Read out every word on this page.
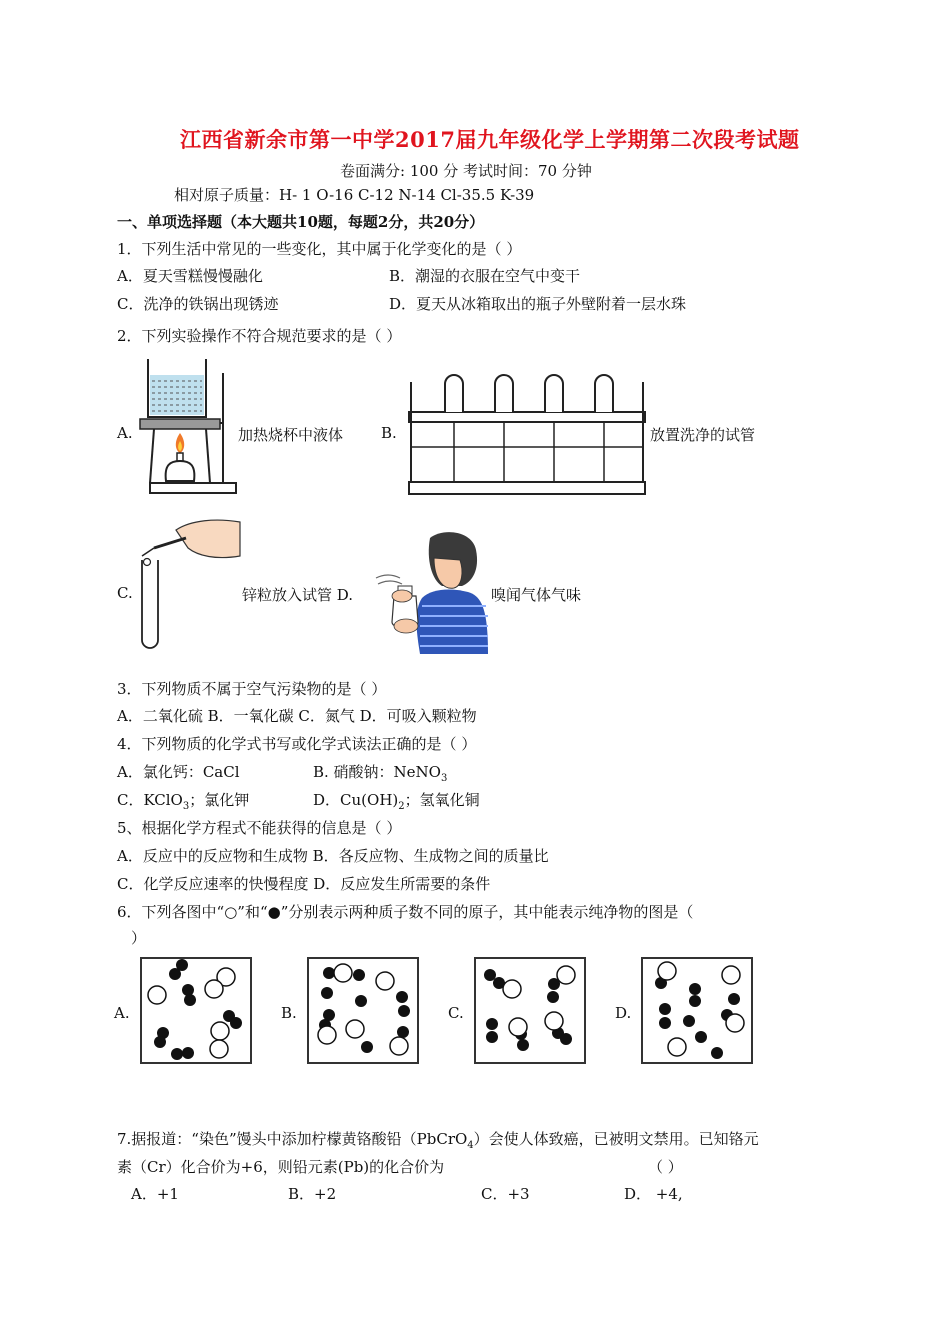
江西省新余市第一中学2017届九年级化学上学期第二次段考试题
卷面满分: 100 分 考试时间：70 分钟
相对原子质量：H- 1 O-16 C-12 N-14 Cl-35.5 K-39
一、单项选择题（本大题共10题，每题2分，共20分）
1．下列生活中常见的一些变化，其中属于化学变化的是（ ）
A．夏天雪糕慢慢融化	B．潮湿的衣服在空气中变干
C．洗净的铁锅出现锈迹	D．夏天从冰箱取出的瓶子外壁附着一层水珠
2．下列实验操作不符合规范要求的是（ ）
A.	加热烧杯中液体	B.	放置洗净的试管
C.	锌粒放入试管 D.	嗅闻气体气味
3．下列物质不属于空气污染物的是（ ）
A．二氧化硫 B．一氧化碳 C．氮气 D．可吸入颗粒物
4．下列物质的化学式书写或化学式读法正确的是（ ）
A．氯化钙：CaCl	B. 硝酸钠：NeNO$_3$
C．KClO$_3$；氯化钾	D．$Cu(OH)_2$；氢氧化铜
5、根据化学方程式不能获得的信息是（ ）
A．反应中的反应物和生成物 B．各反应物、生成物之间的质量比
C．化学反应速率的快慢程度 D．反应发生所需要的条件
6．下列各图中“○”和“●”分别表示两种质子数不同的原子，其中能表示纯净物的图是（
）
A.	B.	C.	D.
7.据报道：“染色”馒头中添加柠檬黄铬酸铅（PbCrO$_4$）会使人体致癌，已被明文禁用。已知铬元
素（Cr）化合价为+6，则铅元素(Pb)的化合价为	（ ）
A．+1	B．+2	C．+3	D． +4,
